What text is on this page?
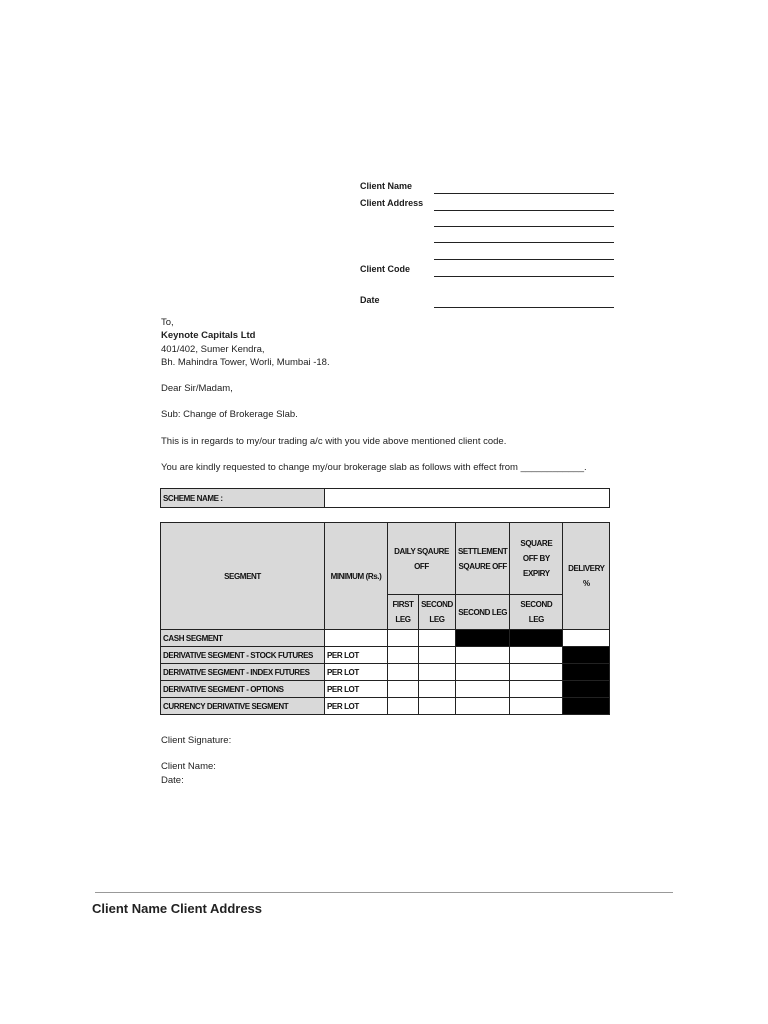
Client Name
Client Address
Client Code
Date
To,
Keynote Capitals Ltd
401/402, Sumer Kendra,
Bh. Mahindra Tower, Worli, Mumbai -18.
Dear Sir/Madam,
Sub: Change of Brokerage Slab.
This is in regards to my/our trading a/c with you vide above mentioned client code.
You are kindly requested to change my/our brokerage slab as follows with effect from ____________.
SCHEME NAME :						

SEGMENT	MINIMUM (Rs.)	DAILY SQAURE OFF		SETTLEMENT SQAURE OFF	SQUARE OFF BY EXPIRY	DELIVERY %
		FIRST LEG	SECOND LEG	SECOND LEG	SECOND LEG	
CASH SEGMENT						
DERIVATIVE SEGMENT - STOCK FUTURES	PER LOT					
DERIVATIVE SEGMENT - INDEX FUTURES	PER LOT					
DERIVATIVE SEGMENT - OPTIONS	PER LOT					
CURRENCY DERIVATIVE SEGMENT	PER LOT					
Client Signature:
Client Name:
Date:
Client Name Client Address
